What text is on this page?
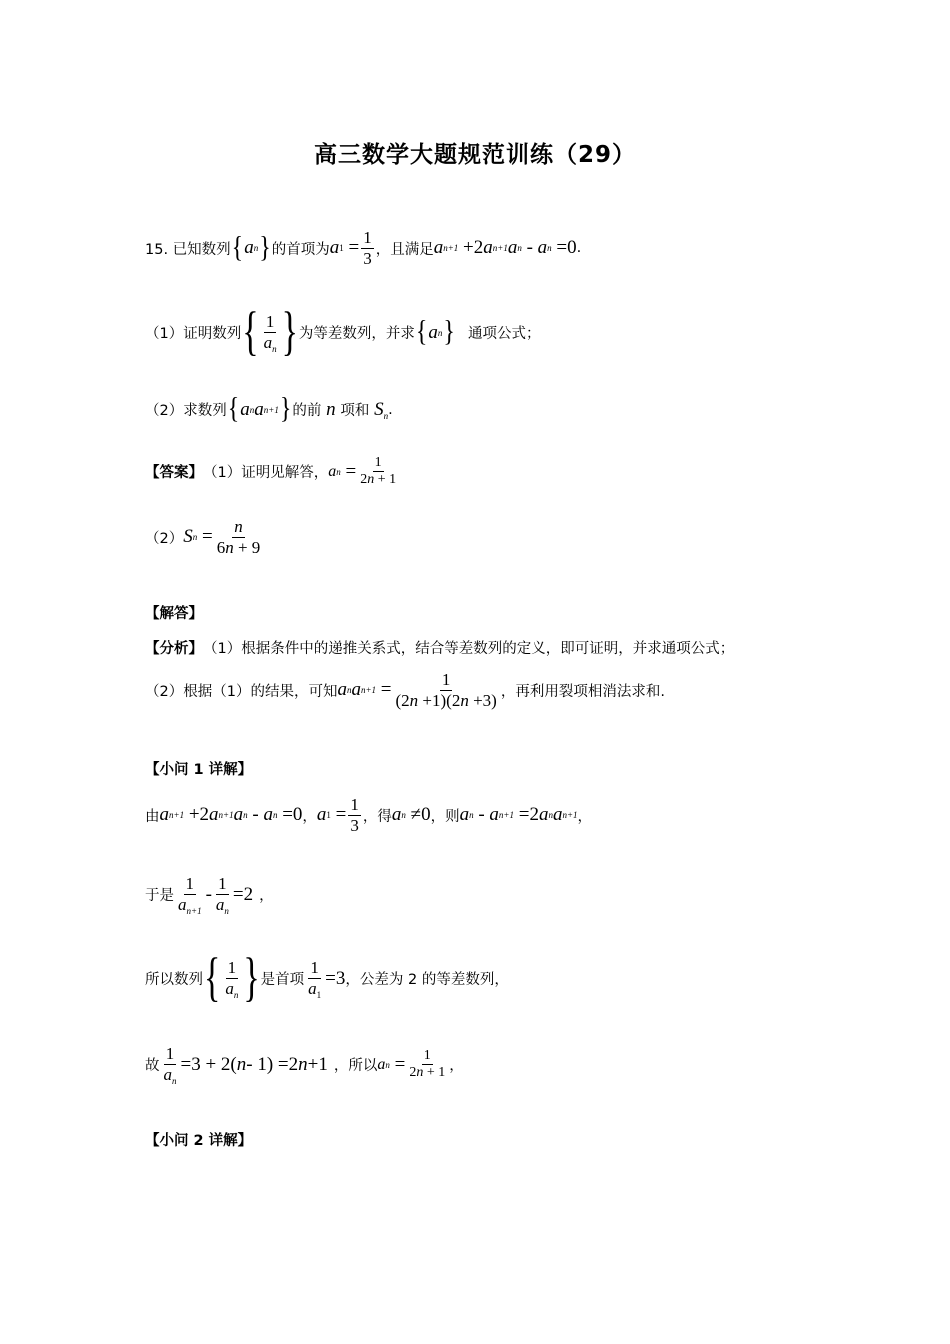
高三数学大题规范训练（29）
15. 已知数列 { a n } 的首项为 a $1 = \frac{1}{3}$ ，且满足 a n+1 +2 a n+1 a n - a n =0 .
（1）证明数列 { $\frac{1}{a_n}$ } 为等差数列，并求 { a n } 通项公式；
（2）求数列 { a n a n+1 } 的前 n 项和 $S_n$ .
【答案】 （1）证明见解答， a $n = \frac{1}{2n + 1}$
（2） S $n = \frac{n}{6n + 9}$
【解答】
【分析】 （1）根据条件中的递推关系式，结合等差数列的定义，即可证明，并求通项公式；
（2）根据（1）的结果，可知 a n a $n+1 = \frac{1}{(2n +1)(2n +3)}$ ，再利用裂项相消法求和.
【小问 1 详解】
由 a n+1 +2 a n+1 a n - a n =0 ， a $1 = \frac{1}{3}$ ，得 a n ≠0 ，则 a n - a n+1 =2 a n a n+1 ，
于是 $\frac{1}{a_{n+1}} - \frac{1}{a_n} =2$ ，
所以数列 { $\frac{1}{a_n}$ } 是首项 $\frac{1}{a_1} =3$ ，公差为 2 的等差数列，
故 $\frac{1}{a_n} =3 + 2$( n - 1) =2 n +1 ，所以 a $n = \frac{1}{2n + 1}$ ，
【小问 2 详解】
